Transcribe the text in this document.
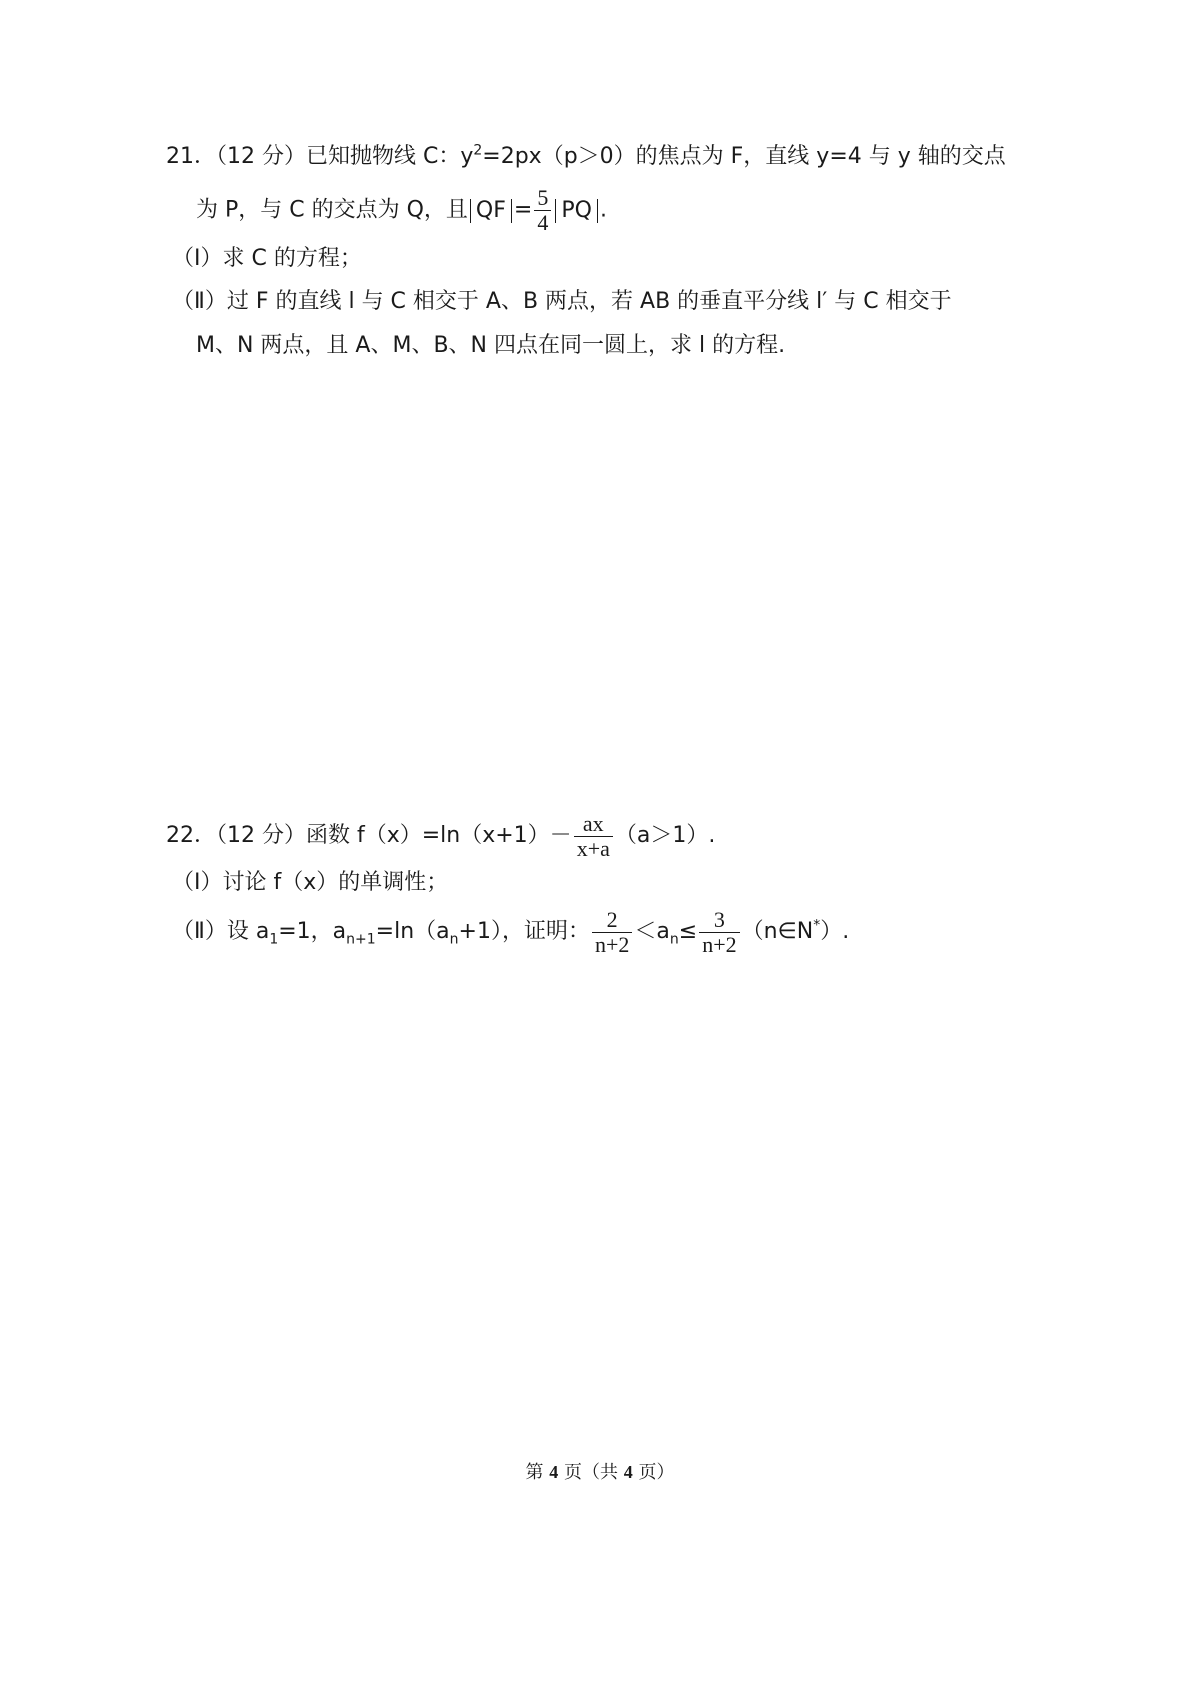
21．（12 分）已知抛物线 C：$y^2=2px(p>0)$的焦点为 F，直线 y=4 与 y 轴的交点
为 P，与 C 的交点为 Q，且 QF = $\frac{5}{4}$ PQ .
（Ⅰ）求 C 的方程；
（Ⅱ）过 F 的直线 l 与 C 相交于 A、B 两点，若 AB 的垂直平分线 l′ 与 C 相交于
M、N 两点，且 A、M、B、N 四点在同一圆上，求 l 的方程.
22．（12 分）函数 $f(x)=\ln(x+1)- \frac{ax}{x+a} (a>1)$.
（Ⅰ）讨论 f（x）的单调性；
（Ⅱ）设 $a_1=1$，$a_{n+1}=\ln(a_n+1)$，证明： $\frac{2}{n+2} <a_n\le \frac{3}{n+2}$ （n∈N*）.
第 4 页（共 4 页）
